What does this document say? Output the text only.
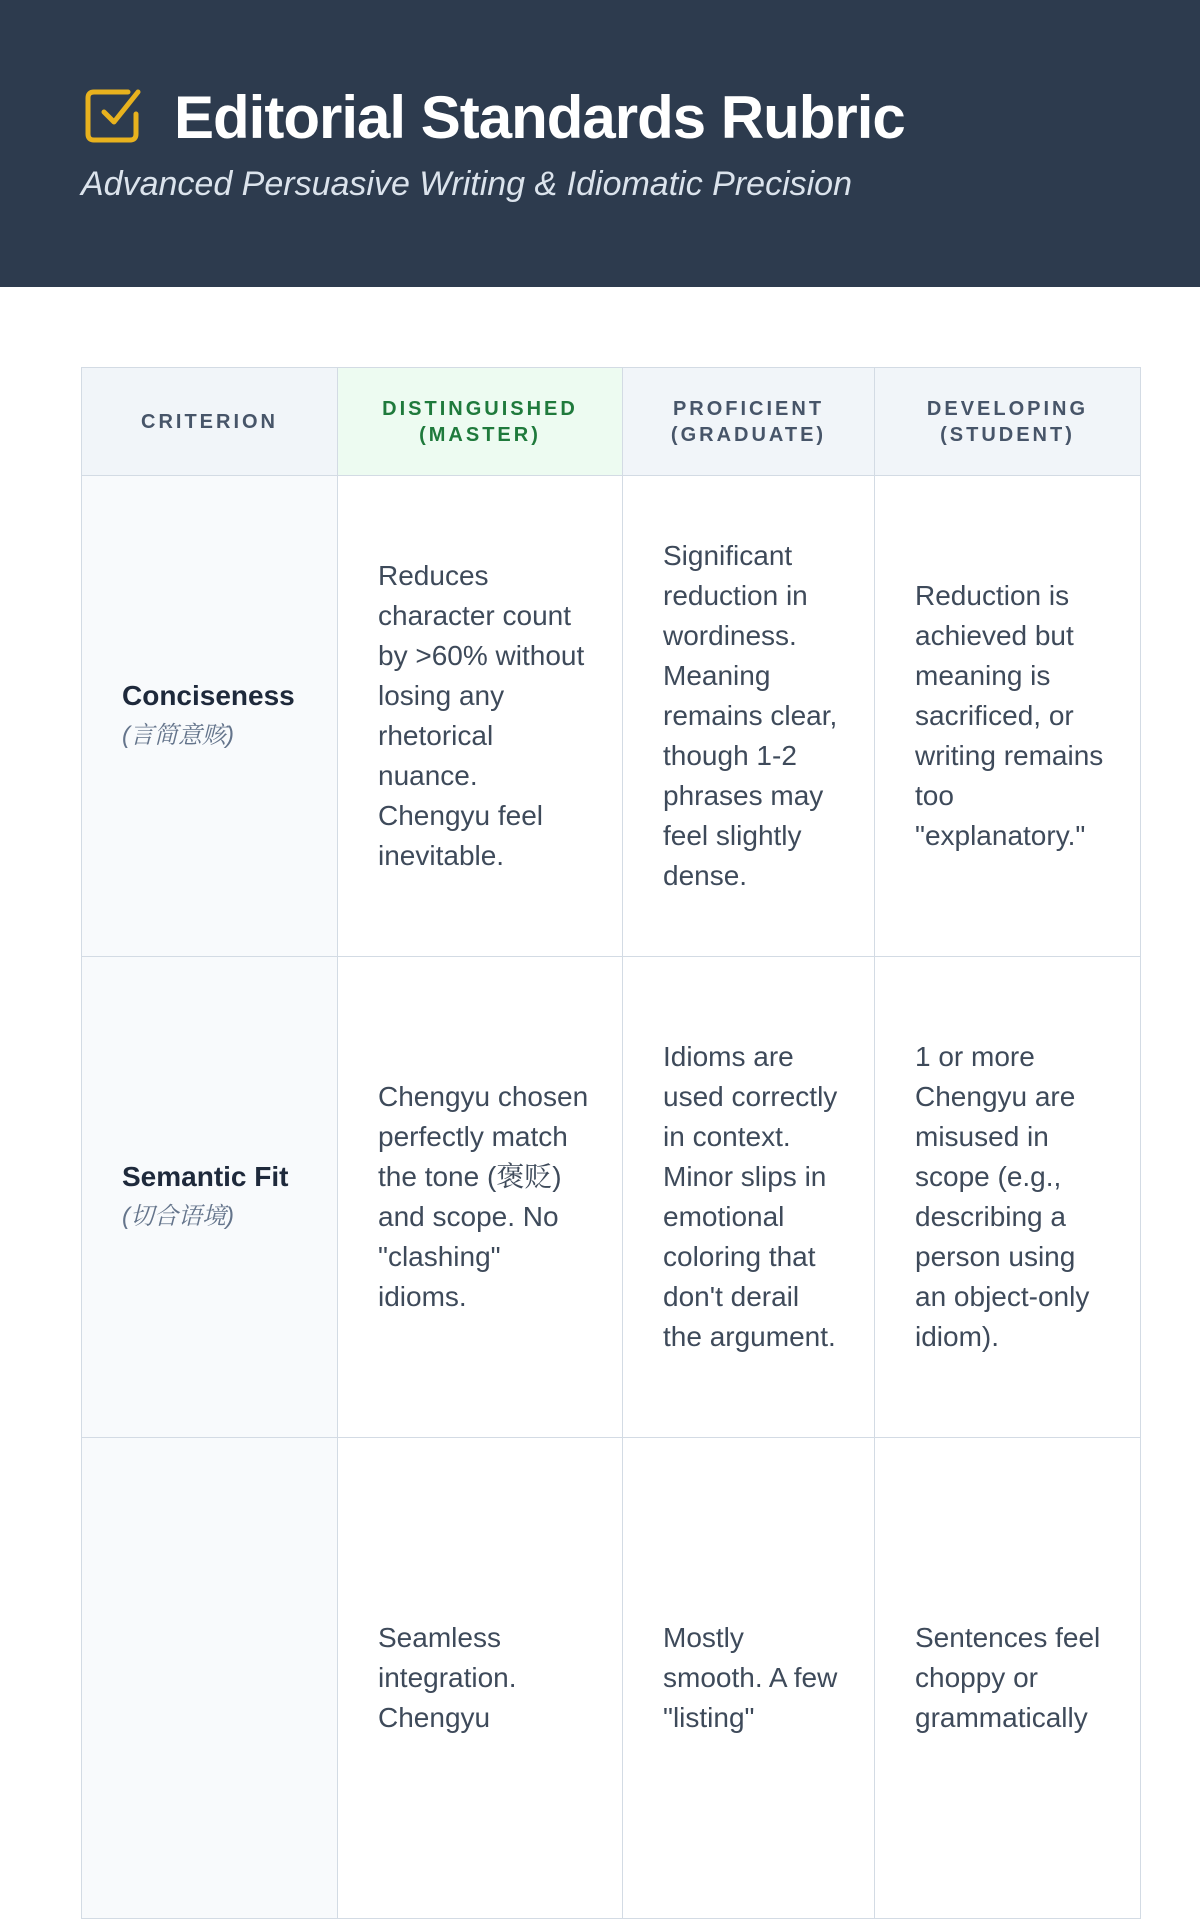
Editorial Standards Rubric

Advanced Persuasive Writing & Idiomatic Precision

CRITERION	DISTINGUISHED (MASTER)	PROFICIENT (GRADUATE)	DEVELOPING (STUDENT)

Conciseness
(言简意赅)	Reduces character count by >60% without losing any rhetorical nuance. Chengyu feel inevitable.	Significant reduction in wordiness. Meaning remains clear, though 1-2 phrases may feel slightly dense.	Reduction is achieved but meaning is sacrificed, or writing remains too "explanatory."

Semantic Fit
(切合语境)	Chengyu chosen perfectly match the tone (褒贬) and scope. No "clashing" idioms.	Idioms are used correctly in context. Minor slips in emotional coloring that don't derail the argument.	1 or more Chengyu are misused in scope (e.g., describing a person using an object-only idiom).

	Seamless integration. Chengyu	Mostly smooth. A few "listing"	Sentences feel choppy or grammatically
